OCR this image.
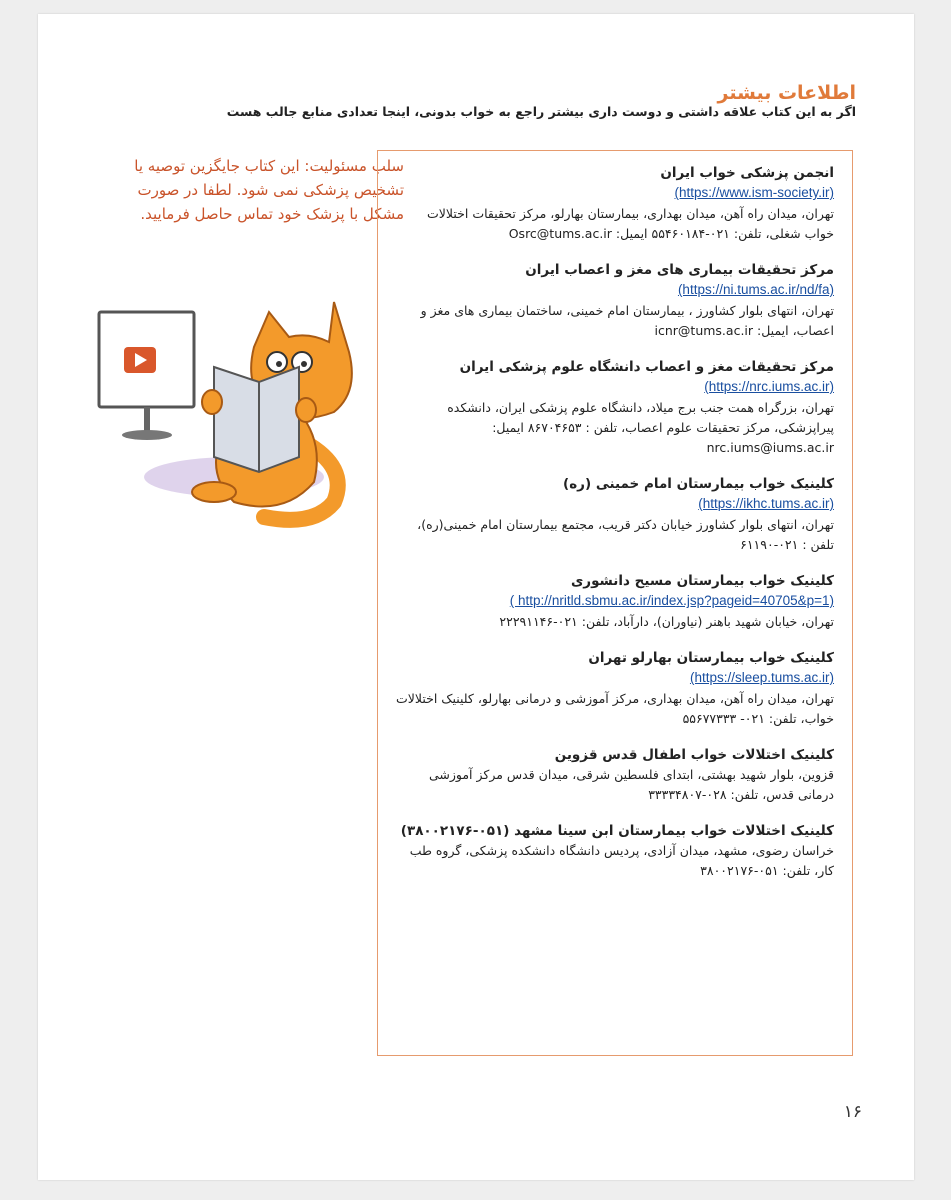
اطلاعات بیشتر
اگر به این کتاب علاقه داشتی و دوست داری بیشتر راجع به خواب بدونی، اینجا تعدادی منابع جالب هست
سلب مسئولیت: این کتاب جایگزین توصیه یا تشخیص پزشکی نمی شود. لطفا در صورت مشکل با پزشک خود تماس حاصل فرمایید.
انجمن پزشکی خواب ایران
(https://www.ism-society.ir)
تهران، میدان راه آهن، میدان بهداری، بیمارستان بهارلو، مرکز تحقیقات اختلالات خواب شغلی، تلفن: ۰۲۱-۵۵۴۶۰۱۸۴ ایمیل: Osrc@tums.ac.ir
مرکز تحقیقات بیماری های مغز و اعصاب ایران
(https://ni.tums.ac.ir/nd/fa)
تهران، انتهای بلوار کشاورز ، بیمارستان امام خمینی، ساختمان بیماری های مغز و اعصاب، ایمیل: icnr@tums.ac.ir
مرکز تحقیقات مغز و اعصاب دانشگاه علوم پزشکی ایران
(https://nrc.iums.ac.ir)
تهران، بزرگراه همت جنب برج میلاد، دانشگاه علوم پزشکی ایران، دانشکده پیراپزشکی، مرکز تحقیقات علوم اعصاب، تلفن : ۸۶۷۰۴۶۵۳ ایمیل: nrc.iums@iums.ac.ir
کلینیک خواب بیمارستان امام خمینی (ره)
(https://ikhc.tums.ac.ir)
تهران، انتهای بلوار کشاورز خیابان دکتر قریب، مجتمع بیمارستان امام خمینی(ره)، تلفن : ۰۲۱-۶۱۱۹۰
کلینیک خواب بیمارستان مسیح دانشوری
( http://nritld.sbmu.ac.ir/index.jsp?pageid=40705&p=1)
تهران، خیابان شهید باهنر (نیاوران)، دارآباد، تلفن: ۰۲۱-۲۲۲۹۱۱۴۶
کلینیک خواب بیمارستان بهارلو تهران
(https://sleep.tums.ac.ir)
تهران، میدان راه آهن، میدان بهداری، مرکز آموزشی و درمانی بهارلو، کلینیک اختلالات خواب، تلفن: ۰۲۱- ۵۵۶۷۷۳۳۳
کلینیک اختلالات خواب اطفال قدس قزوین
قزوین، بلوار شهید بهشتی، ابتدای فلسطین شرقی، میدان قدس مرکز آموزشی درمانی قدس، تلفن: ۰۲۸-۳۳۳۳۴۸۰۷
کلینیک اختلالات خواب بیمارستان ابن سینا مشهد (۰۵۱-۳۸۰۰۲۱۷۶)
خراسان رضوی، مشهد، میدان آزادی، پردیس دانشگاه دانشکده پزشکی، گروه طب کار، تلفن: ۰۵۱-۳۸۰۰۲۱۷۶
۱۶
